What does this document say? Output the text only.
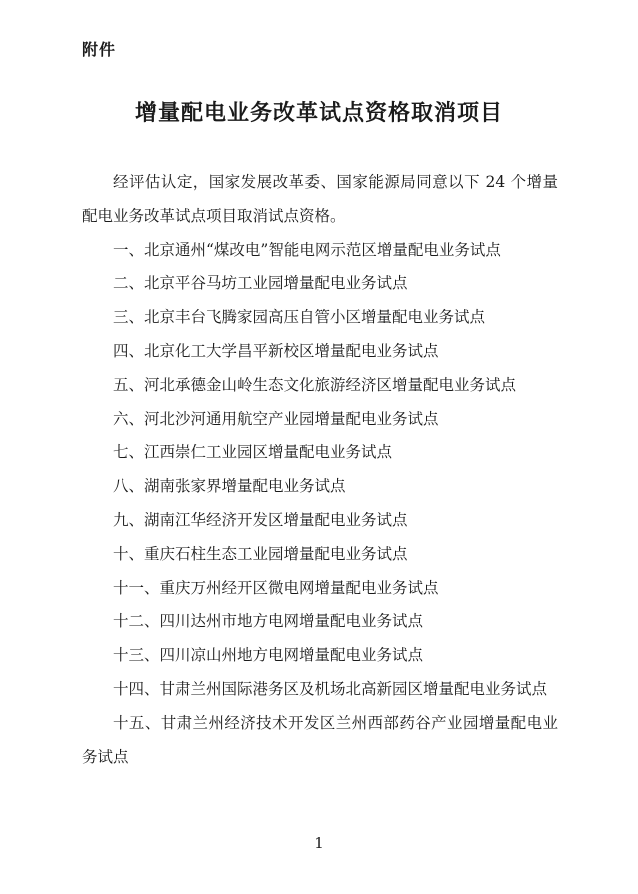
附件
增量配电业务改革试点资格取消项目

经评估认定，国家发展改革委、国家能源局同意以下 24 个增量配电业务改革试点项目取消试点资格。

一、北京通州“煤改电”智能电网示范区增量配电业务试点

二、北京平谷马坊工业园增量配电业务试点

三、北京丰台飞腾家园高压自管小区增量配电业务试点

四、北京化工大学昌平新校区增量配电业务试点

五、河北承德金山岭生态文化旅游经济区增量配电业务试点

六、河北沙河通用航空产业园增量配电业务试点

七、江西崇仁工业园区增量配电业务试点

八、湖南张家界增量配电业务试点

九、湖南江华经济开发区增量配电业务试点

十、重庆石柱生态工业园增量配电业务试点

十一、重庆万州经开区微电网增量配电业务试点

十二、四川达州市地方电网增量配电业务试点

十三、四川凉山州地方电网增量配电业务试点

十四、甘肃兰州国际港务区及机场北高新园区增量配电业务试点

十五、甘肃兰州经济技术开发区兰州西部药谷产业园增量配电业务试点

1
